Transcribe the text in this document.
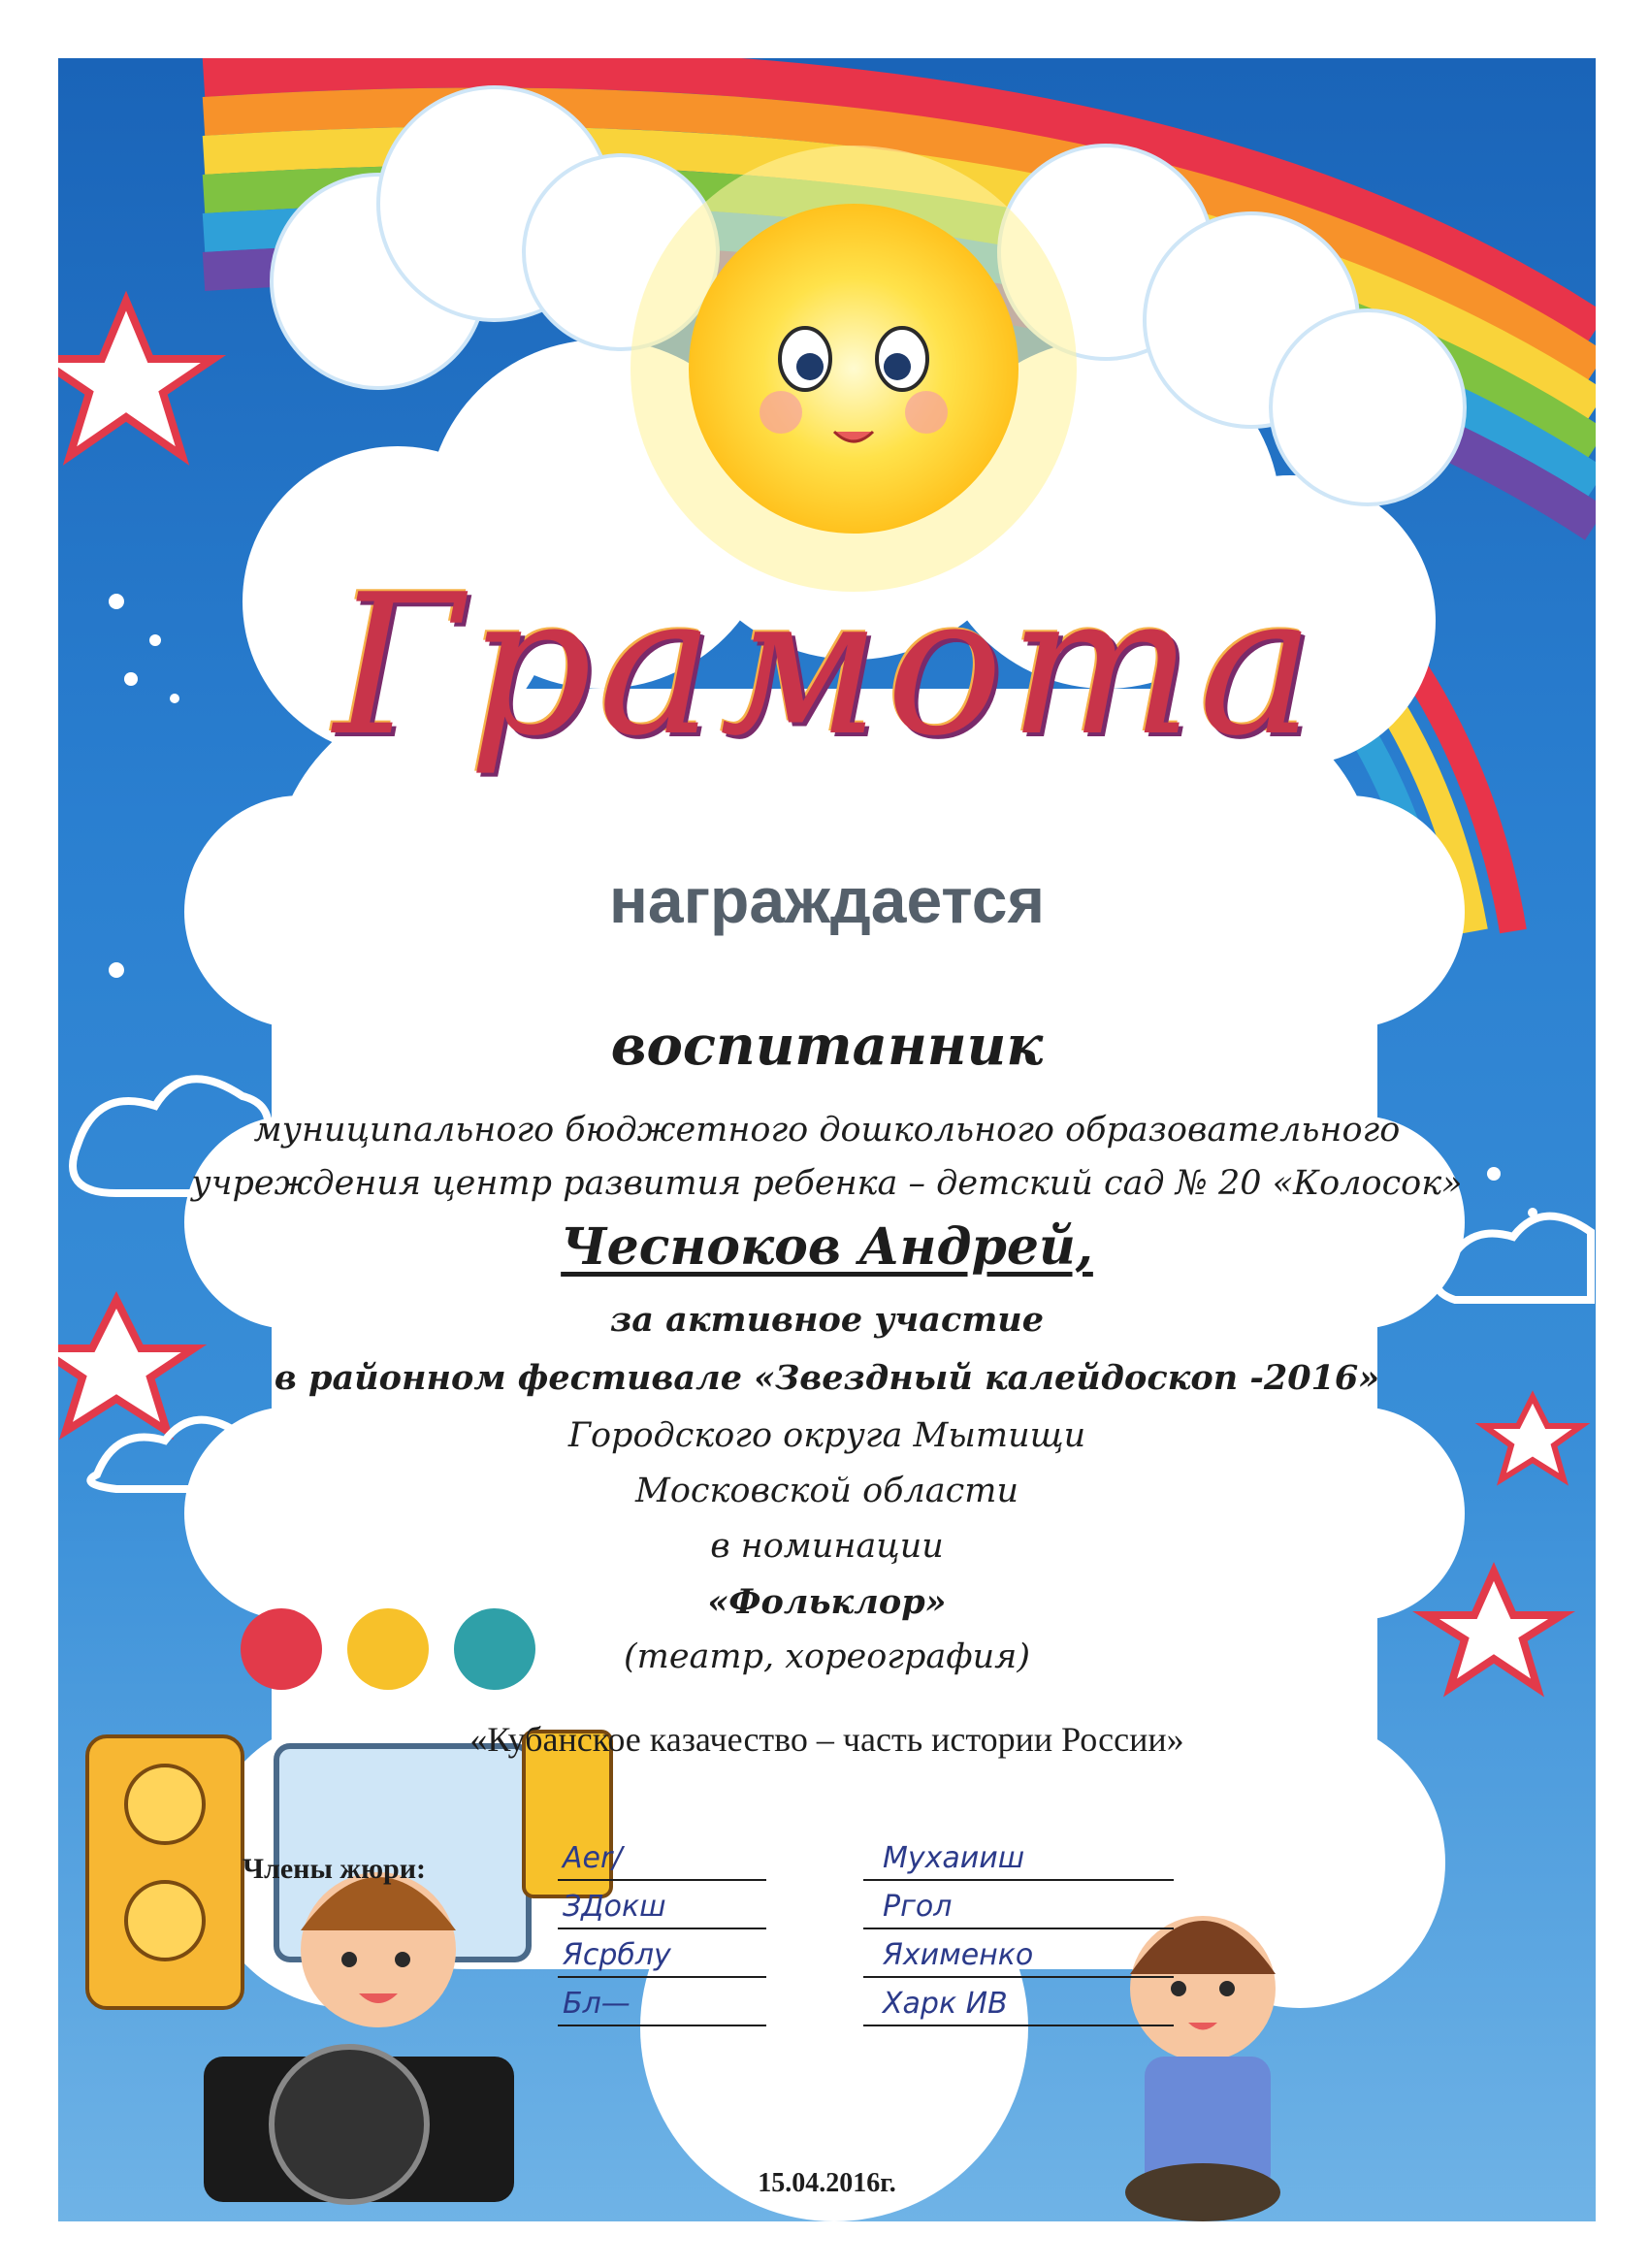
Грамота
награждается
воспитанник
муниципального бюджетного дошкольного образовательного
учреждения центр развития ребенка – детский сад № 20 «Колосок»
Чесноков Андрей,
за активное участие
в районном фестивале «Звездный калейдоскоп -2016»
Городского округа Мытищи
Московской области
в номинации
«Фольклор»
(театр, хореография)
«Кубанское казачество – часть истории России»
Члены жюри:	Aer/
ЗДокш
Ясрблу
Бл—
Мухаииш
Ргол
Яхименко
Харк ИВ
15.04.2016г.
